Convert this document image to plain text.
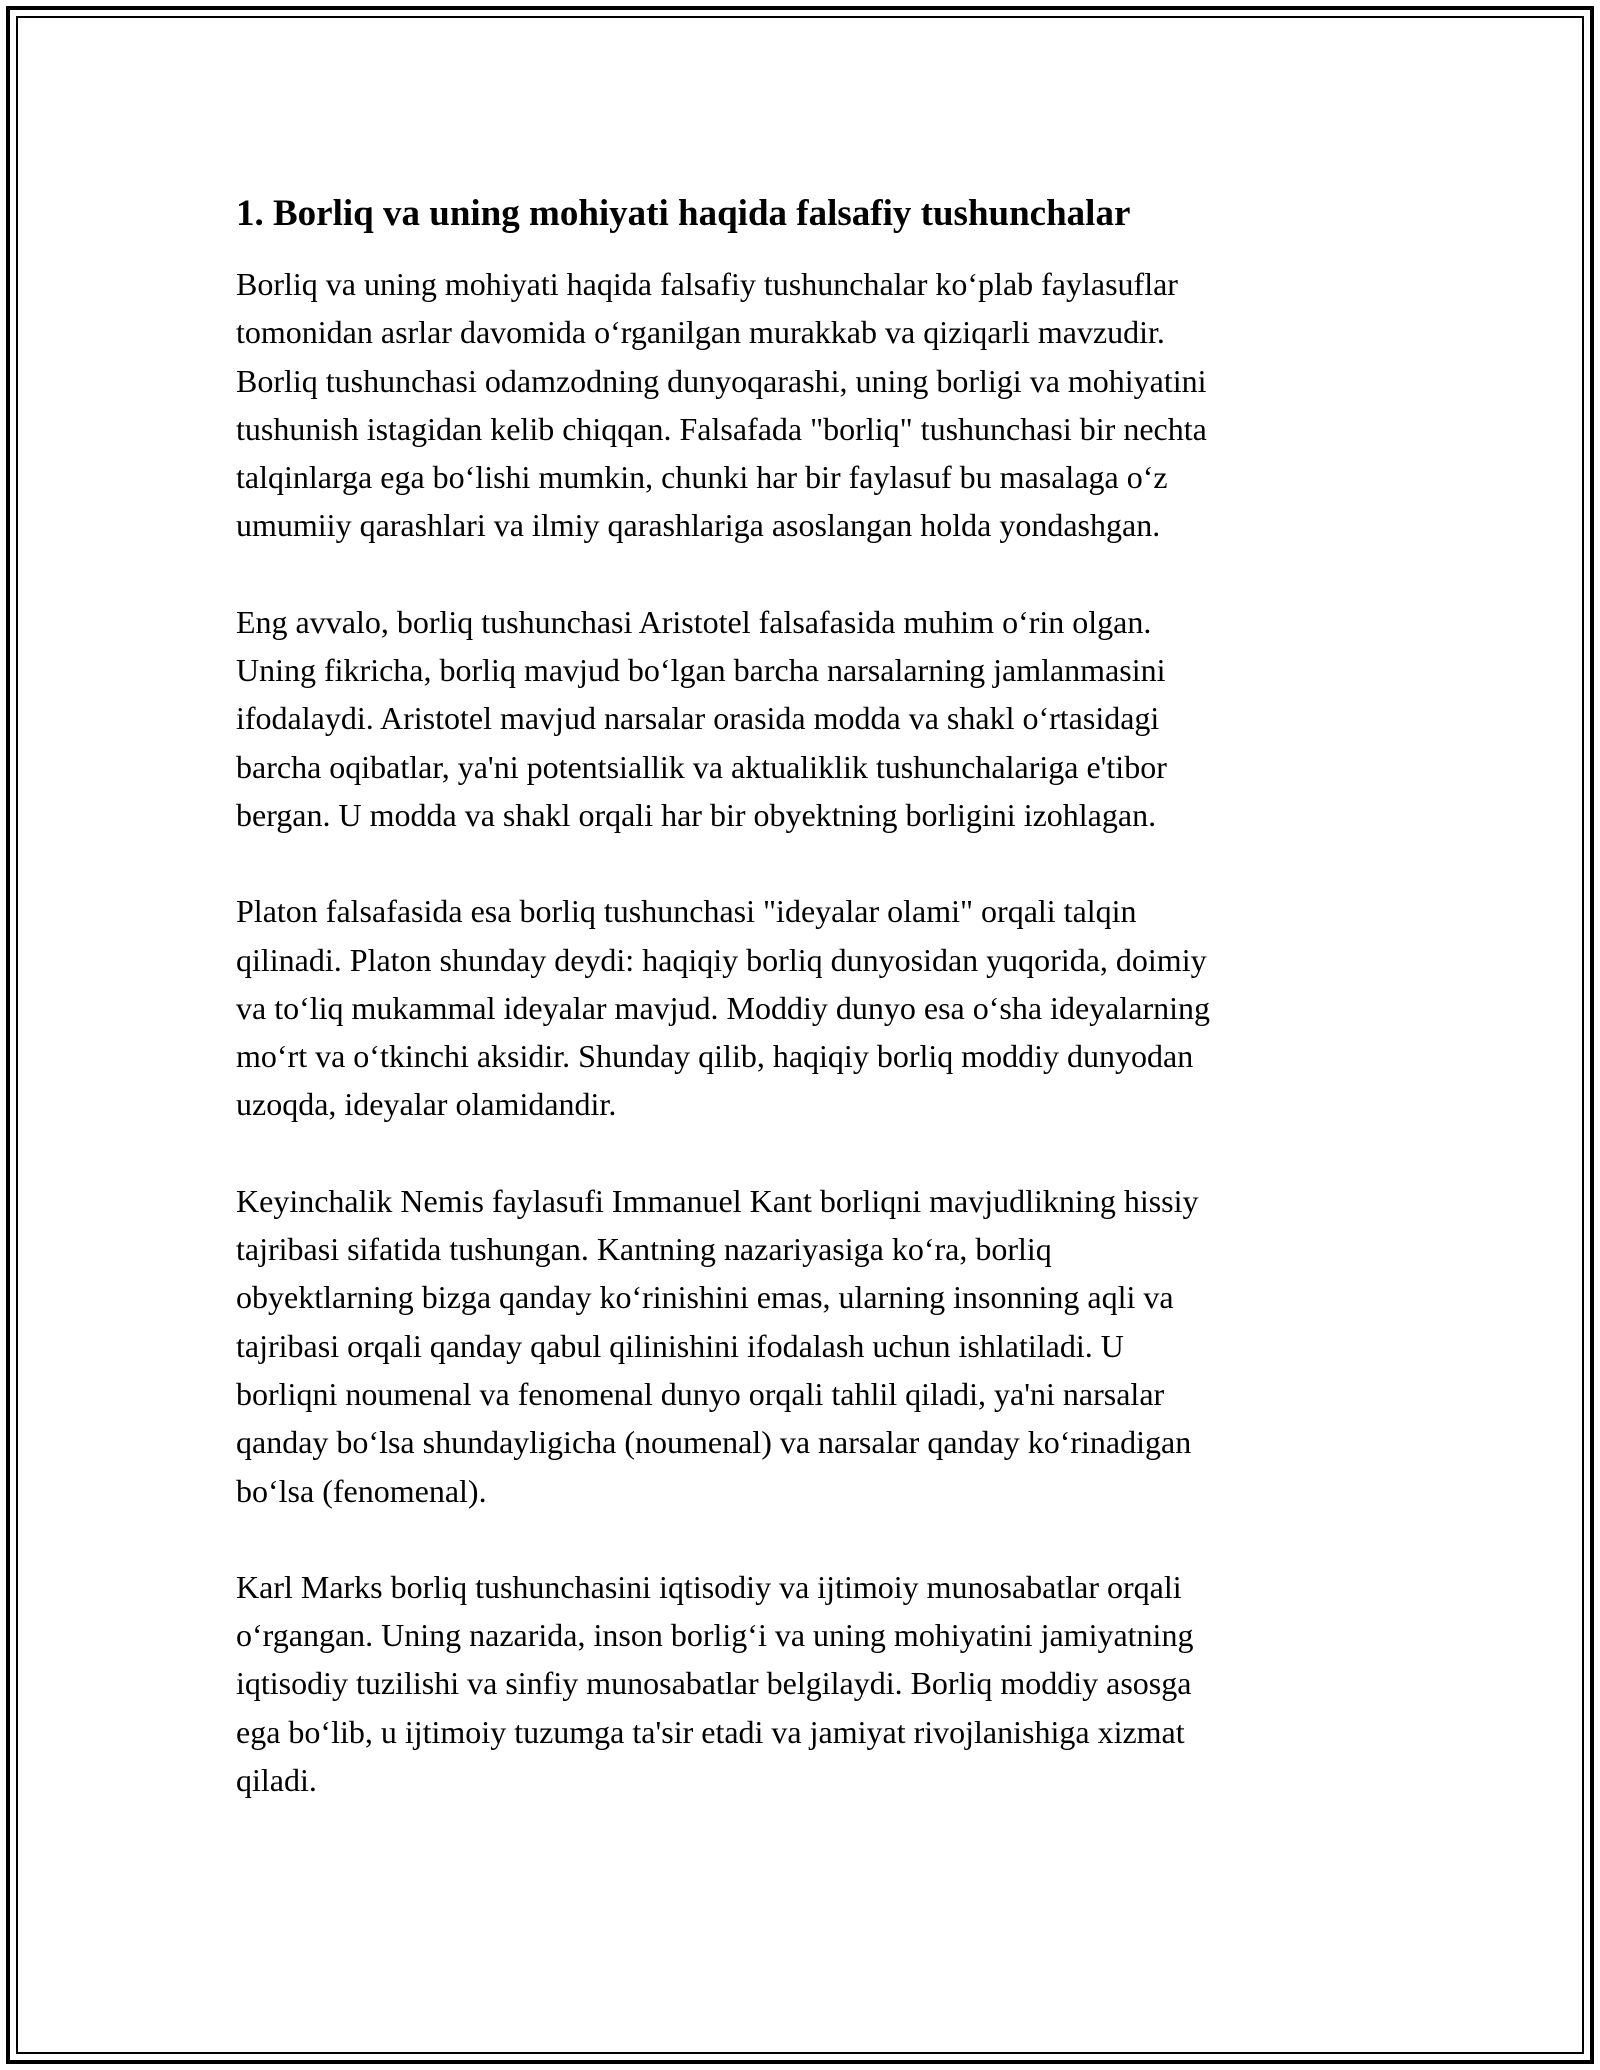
1. Borliq va uning mohiyati haqida falsafiy tushunchalar

Borliq va uning mohiyati haqida falsafiy tushunchalar ko‘plab faylasuflar
tomonidan asrlar davomida o‘rganilgan murakkab va qiziqarli mavzudir.
Borliq tushunchasi odamzodning dunyoqarashi, uning borligi va mohiyatini
tushunish istagidan kelib chiqqan. Falsafada "borliq" tushunchasi bir nechta
talqinlarga ega bo‘lishi mumkin, chunki har bir faylasuf bu masalaga o‘z
umumiiy qarashlari va ilmiy qarashlariga asoslangan holda yondashgan.

Eng avvalo, borliq tushunchasi Aristotel falsafasida muhim o‘rin olgan.
Uning fikricha, borliq mavjud bo‘lgan barcha narsalarning jamlanmasini
ifodalaydi. Aristotel mavjud narsalar orasida modda va shakl o‘rtasidagi
barcha oqibatlar, ya'ni potentsiallik va aktualiklik tushunchalariga e'tibor
bergan. U modda va shakl orqali har bir obyektning borligini izohlagan.

Platon falsafasida esa borliq tushunchasi "ideyalar olami" orqali talqin
qilinadi. Platon shunday deydi: haqiqiy borliq dunyosidan yuqorida, doimiy
va to‘liq mukammal ideyalar mavjud. Moddiy dunyo esa o‘sha ideyalarning
mo‘rt va o‘tkinchi aksidir. Shunday qilib, haqiqiy borliq moddiy dunyodan
uzoqda, ideyalar olamidandir.

Keyinchalik Nemis faylasufi Immanuel Kant borliqni mavjudlikning hissiy
tajribasi sifatida tushungan. Kantning nazariyasiga ko‘ra, borliq
obyektlarning bizga qanday ko‘rinishini emas, ularning insonning aqli va
tajribasi orqali qanday qabul qilinishini ifodalash uchun ishlatiladi. U
borliqni noumenal va fenomenal dunyo orqali tahlil qiladi, ya'ni narsalar
qanday bo‘lsa shundayligicha (noumenal) va narsalar qanday ko‘rinadigan
bo‘lsa (fenomenal).

Karl Marks borliq tushunchasini iqtisodiy va ijtimoiy munosabatlar orqali
o‘rgangan. Uning nazarida, inson borlig‘i va uning mohiyatini jamiyatning
iqtisodiy tuzilishi va sinfiy munosabatlar belgilaydi. Borliq moddiy asosga
ega bo‘lib, u ijtimoiy tuzumga ta'sir etadi va jamiyat rivojlanishiga xizmat
qiladi.
